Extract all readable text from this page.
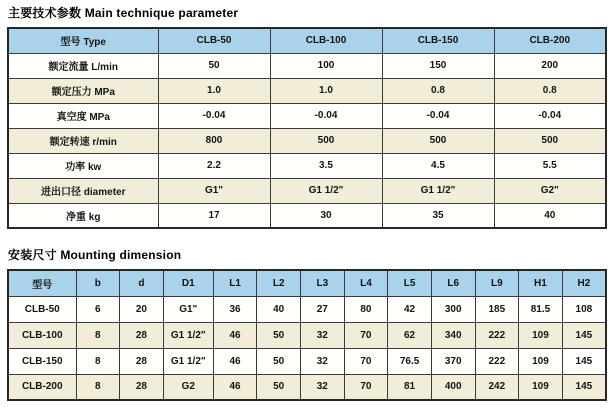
主要技术参数 Main technique parameter
型号 Type	CLB-50	CLB-100	CLB-150	CLB-200
额定流量 L/min	50	100	150	200
额定压力 MPa	1.0	1.0	0.8	0.8
真空度 MPa	-0.04	-0.04	-0.04	-0.04
额定转速 r/min	800	500	500	500
功率 kw	2.2	3.5	4.5	5.5
进出口径 diameter	G1"	G1 1/2"	G1 1/2"	G2"
净重 kg	17	30	35	40
安装尺寸 Mounting dimension
型号	b	d	D1	L1	L2	L3	L4	L5	L6	L9	H1	H2
CLB-50	6	20	G1"	36	40	27	80	42	300	185	81.5	108
CLB-100	8	28	G1 1/2"	46	50	32	70	62	340	222	109	145
CLB-150	8	28	G1 1/2"	46	50	32	70	76.5	370	222	109	145
CLB-200	8	28	G2	46	50	32	70	81	400	242	109	145
